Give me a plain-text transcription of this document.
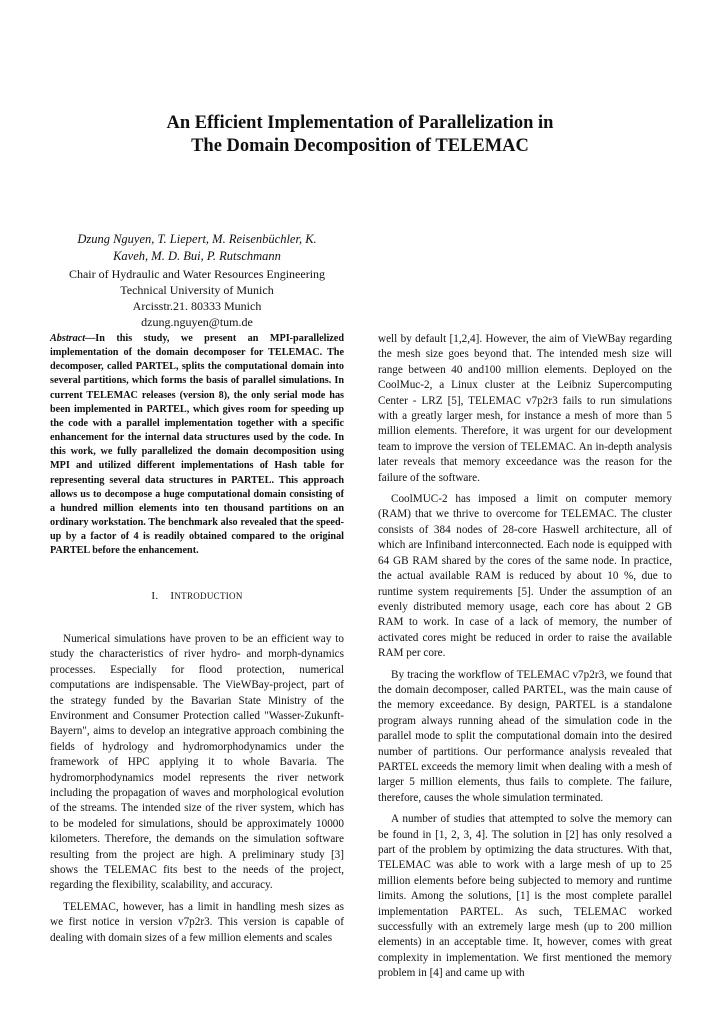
An Efficient Implementation of Parallelization in
The Domain Decomposition of TELEMAC
Dzung Nguyen, T. Liepert, M. Reisenbüchler, K.
Kaveh, M. D. Bui, P. Rutschmann
Chair of Hydraulic and Water Resources Engineering
Technical University of Munich
Arcisstr.21. 80333 Munich
dzung.nguyen@tum.de

Abstract—In this study, we present an MPI-parallelized implementation of the domain decomposer for TELEMAC. The decomposer, called PARTEL, splits the computational domain into several partitions, which forms the basis of parallel simulations. In current TELEMAC releases (version 8), the only serial mode has been implemented in PARTEL, which gives room for speeding up the code with a parallel implementation together with a specific enhancement for the internal data structures used by the code. In this work, we fully parallelized the domain decomposition using MPI and utilized different implementations of Hash table for representing several data structures in PARTEL. This approach allows us to decompose a huge computational domain consisting of a hundred million elements into ten thousand partitions on an ordinary workstation. The benchmark also revealed that the speed-up by a factor of 4 is readily obtained compared to the original PARTEL before the enhancement.

I. INTRODUCTION

Numerical simulations have proven to be an efficient way to study the characteristics of river hydro- and morph-dynamics processes. Especially for flood protection, numerical computations are indispensable. The VieWBay-project, part of the strategy funded by the Bavarian State Ministry of the Environment and Consumer Protection called "Wasser-Zukunft-Bayern", aims to develop an integrative approach combining the fields of hydrology and hydromorphodynamics under the framework of HPC applying it to whole Bavaria. The hydromorphodynamics model represents the river network including the propagation of waves and morphological evolution of the streams. The intended size of the river system, which has to be modeled for simulations, should be approximately 10000 kilometers. Therefore, the demands on the simulation software resulting from the project are high. A preliminary study [3] shows the TELEMAC fits best to the needs of the project, regarding the flexibility, scalability, and accuracy.

TELEMAC, however, has a limit in handling mesh sizes as we first notice in version v7p2r3. This version is capable of dealing with domain sizes of a few million elements and scales

well by default [1,2,4]. However, the aim of VieWBay regarding the mesh size goes beyond that. The intended mesh size will range between 40 and100 million elements. Deployed on the CoolMuc-2, a Linux cluster at the Leibniz Supercomputing Center - LRZ [5], TELEMAC v7p2r3 fails to run simulations with a greatly larger mesh, for instance a mesh of more than 5 million elements. Therefore, it was urgent for our development team to improve the version of TELEMAC. An in-depth analysis later reveals that memory exceedance was the reason for the failure of the software.

CoolMUC-2 has imposed a limit on computer memory (RAM) that we thrive to overcome for TELEMAC. The cluster consists of 384 nodes of 28-core Haswell architecture, all of which are Infiniband interconnected. Each node is equipped with 64 GB RAM shared by the cores of the same node. In practice, the actual available RAM is reduced by about 10 %, due to runtime system requirements [5]. Under the assumption of an evenly distributed memory usage, each core has about 2 GB RAM to work. In case of a lack of memory, the number of activated cores might be reduced in order to raise the available RAM per core.

By tracing the workflow of TELEMAC v7p2r3, we found that the domain decomposer, called PARTEL, was the main cause of the memory exceedance. By design, PARTEL is a standalone program always running ahead of the simulation code in the parallel mode to split the computational domain into the desired number of partitions. Our performance analysis revealed that PARTEL exceeds the memory limit when dealing with a mesh of larger 5 million elements, thus fails to complete. The failure, therefore, causes the whole simulation terminated.

A number of studies that attempted to solve the memory can be found in [1, 2, 3, 4]. The solution in [2] has only resolved a part of the problem by optimizing the data structures. With that, TELEMAC was able to work with a large mesh of up to 25 million elements before being subjected to memory and runtime limits. Among the solutions, [1] is the most complete parallel implementation PARTEL. As such, TELEMAC worked successfully with an extremely large mesh (up to 200 million elements) in an acceptable time. It, however, comes with great complexity in implementation. We first mentioned the memory problem in [4] and came up with
